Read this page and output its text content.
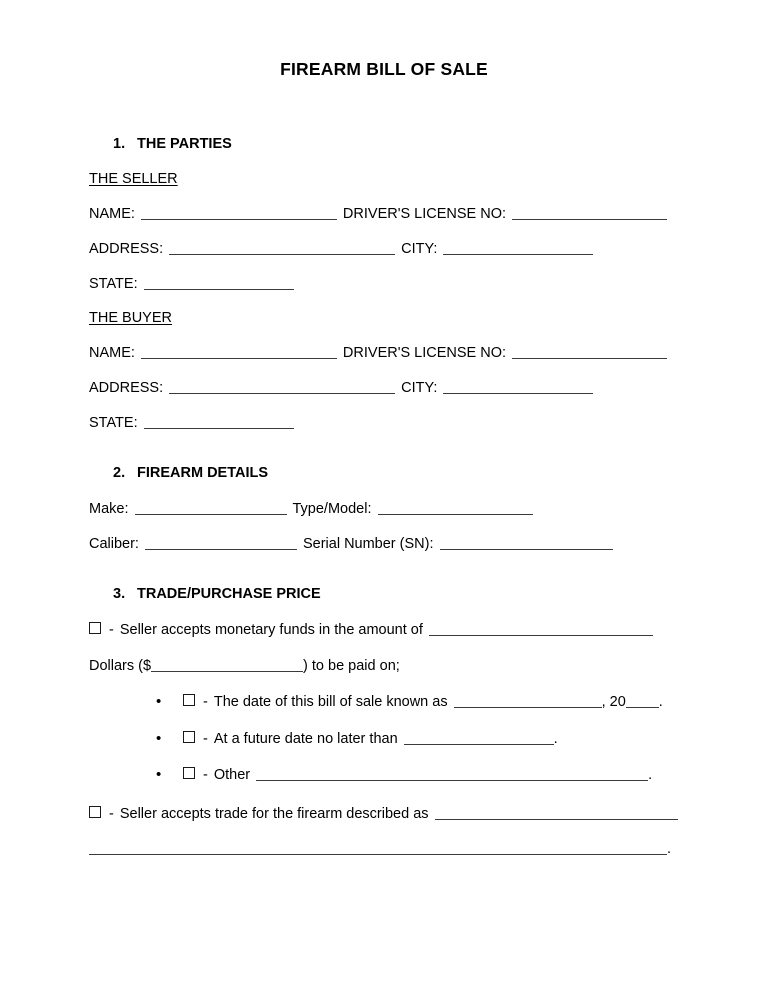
FIREARM BILL OF SALE
1. THE PARTIES
THE SELLER
NAME:	DRIVER'S LICENSE NO:
ADDRESS:	CITY:
STATE:
THE BUYER
NAME:	DRIVER'S LICENSE NO:
ADDRESS:	CITY:
STATE:
2. FIREARM DETAILS
Make:	Type/Model:
Caliber:	Serial Number (SN):
3. TRADE/PURCHASE PRICE
- Seller accepts monetary funds in the amount of
Dollars ($	) to be paid on;
•	- The date of this bill of sale known as	, 20 .
•	- At a future date no later than	.
•	- Other	.
- Seller accepts trade for the firearm described as
.
